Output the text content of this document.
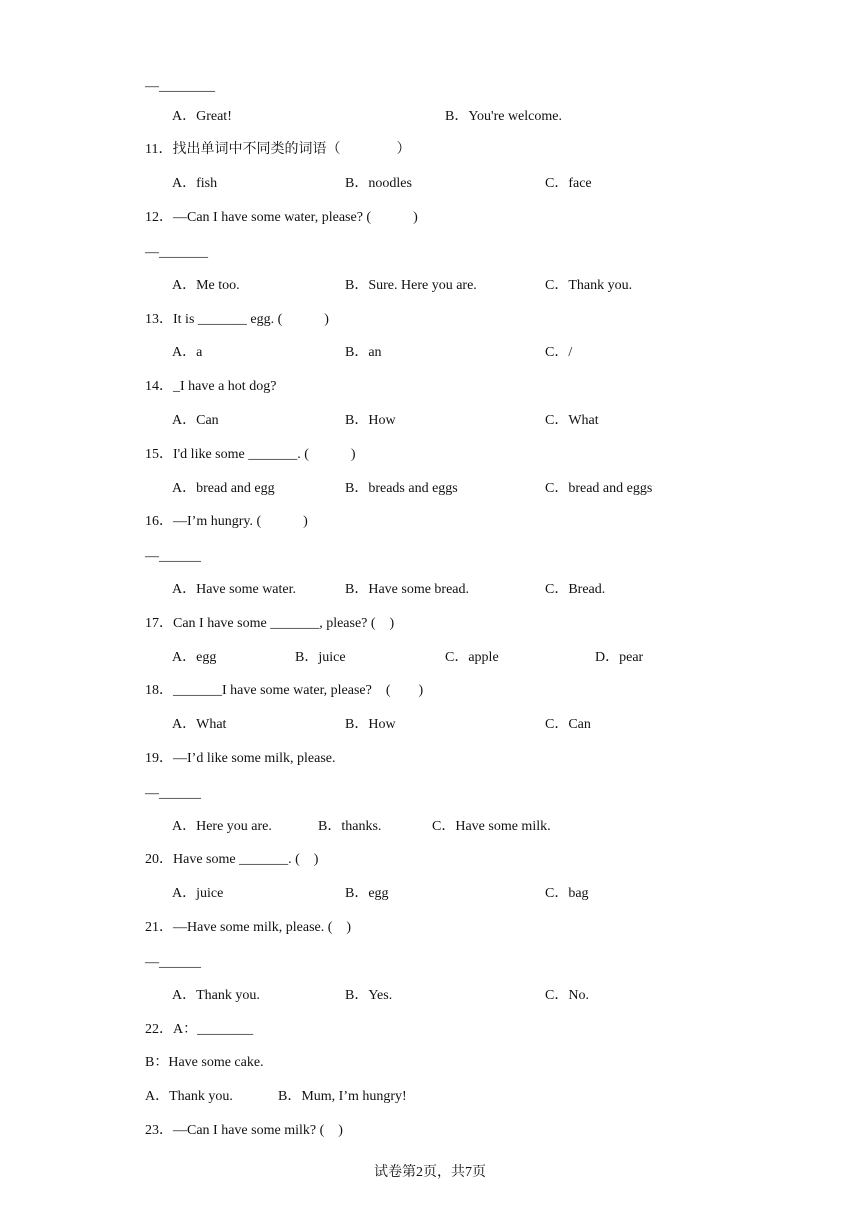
—________
A．Great!	B．You're welcome.
11．找出单词中不同类的词语（　　　　）
A．fish	B．noodles	C．face
12．—Can I have some water, please? (　　　)
—_______
A．Me too.	B．Sure. Here you are.	C．Thank you.
13．It is _______ egg. (　　　)
A．a	B．an	C．/
14．_I have a hot dog?
A．Can	B．How	C．What
15．I'd like some _______. (　　　)
A．bread and egg	B．breads and eggs	C．bread and eggs
16．—I’m hungry. (　　　)
—______
A．Have some water.	B．Have some bread.	C．Bread.
17．Can I have some _______, please? (　)
A．egg	B．juice	C．apple	D．pear
18．_______I have some water, please?　(　　)
A．What	B．How	C．Can
19．—I’d like some milk, please.
—______
A．Here you are.	B．thanks.	C．Have some milk.
20．Have some _______. (　)
A．juice	B．egg	C．bag
21．—Have some milk, please. (　)
—______
A．Thank you.	B．Yes.	C．No.
22．A：________
B：Have some cake.
A．Thank you.	B．Mum, I’m hungry!
23．—Can I have some milk? (　)
试卷第2页，共7页
